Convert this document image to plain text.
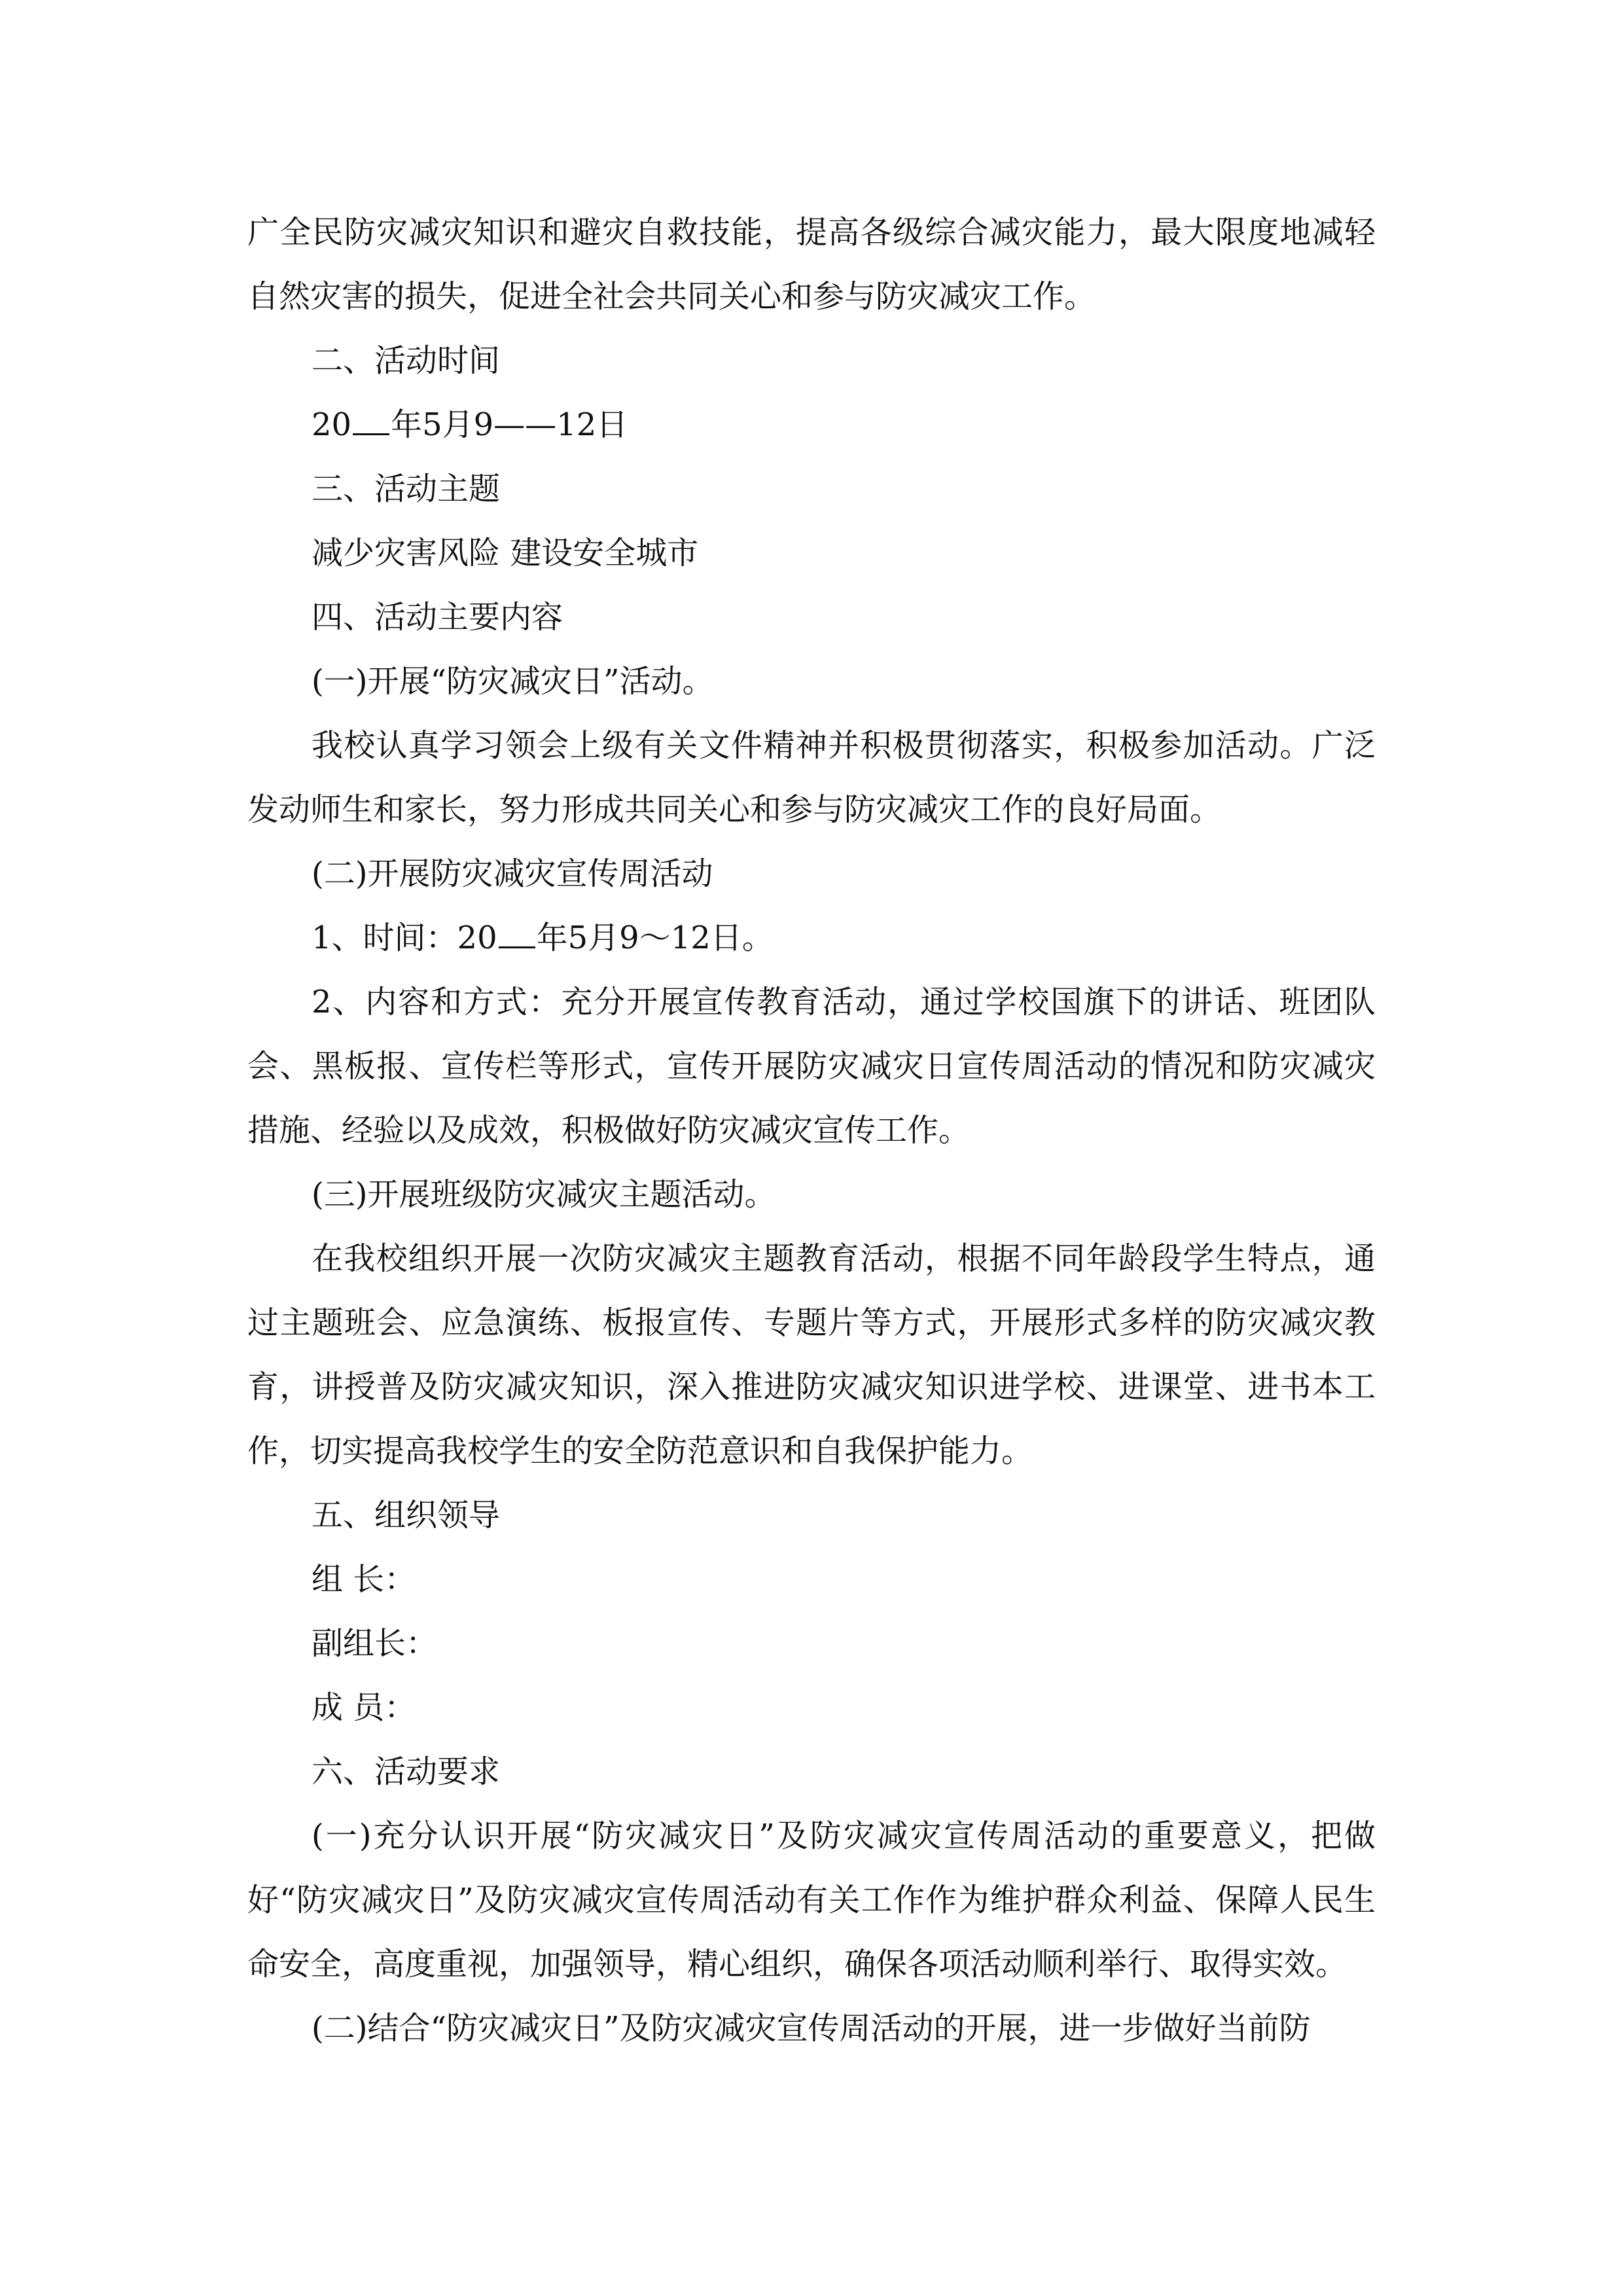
广全民防灾减灾知识和避灾自救技能，提高各级综合减灾能力，最大限度地减轻自然灾害的损失，促进全社会共同关心和参与防灾减灾工作。

二、活动时间

20 年5月9——12日

三、活动主题

减少灾害风险 建设安全城市

四、活动主要内容

(一)开展“防灾减灾日”活动。

我校认真学习领会上级有关文件精神并积极贯彻落实，积极参加活动。广泛发动师生和家长，努力形成共同关心和参与防灾减灾工作的良好局面。

(二)开展防灾减灾宣传周活动

1、时间：20 年5月9～12日。

2、内容和方式：充分开展宣传教育活动，通过学校国旗下的讲话、班团队会、黑板报、宣传栏等形式，宣传开展防灾减灾日宣传周活动的情况和防灾减灾措施、经验以及成效，积极做好防灾减灾宣传工作。

(三)开展班级防灾减灾主题活动。

在我校组织开展一次防灾减灾主题教育活动，根据不同年龄段学生特点，通过主题班会、应急演练、板报宣传、专题片等方式，开展形式多样的防灾减灾教育，讲授普及防灾减灾知识，深入推进防灾减灾知识进学校、进课堂、进书本工作，切实提高我校学生的安全防范意识和自我保护能力。

五、组织领导

组 长：

副组长：

成 员：

六、活动要求

(一)充分认识开展“防灾减灾日”及防灾减灾宣传周活动的重要意义，把做好“防灾减灾日”及防灾减灾宣传周活动有关工作作为维护群众利益、保障人民生命安全，高度重视，加强领导，精心组织，确保各项活动顺利举行、取得实效。

(二)结合“防灾减灾日”及防灾减灾宣传周活动的开展，进一步做好当前防
